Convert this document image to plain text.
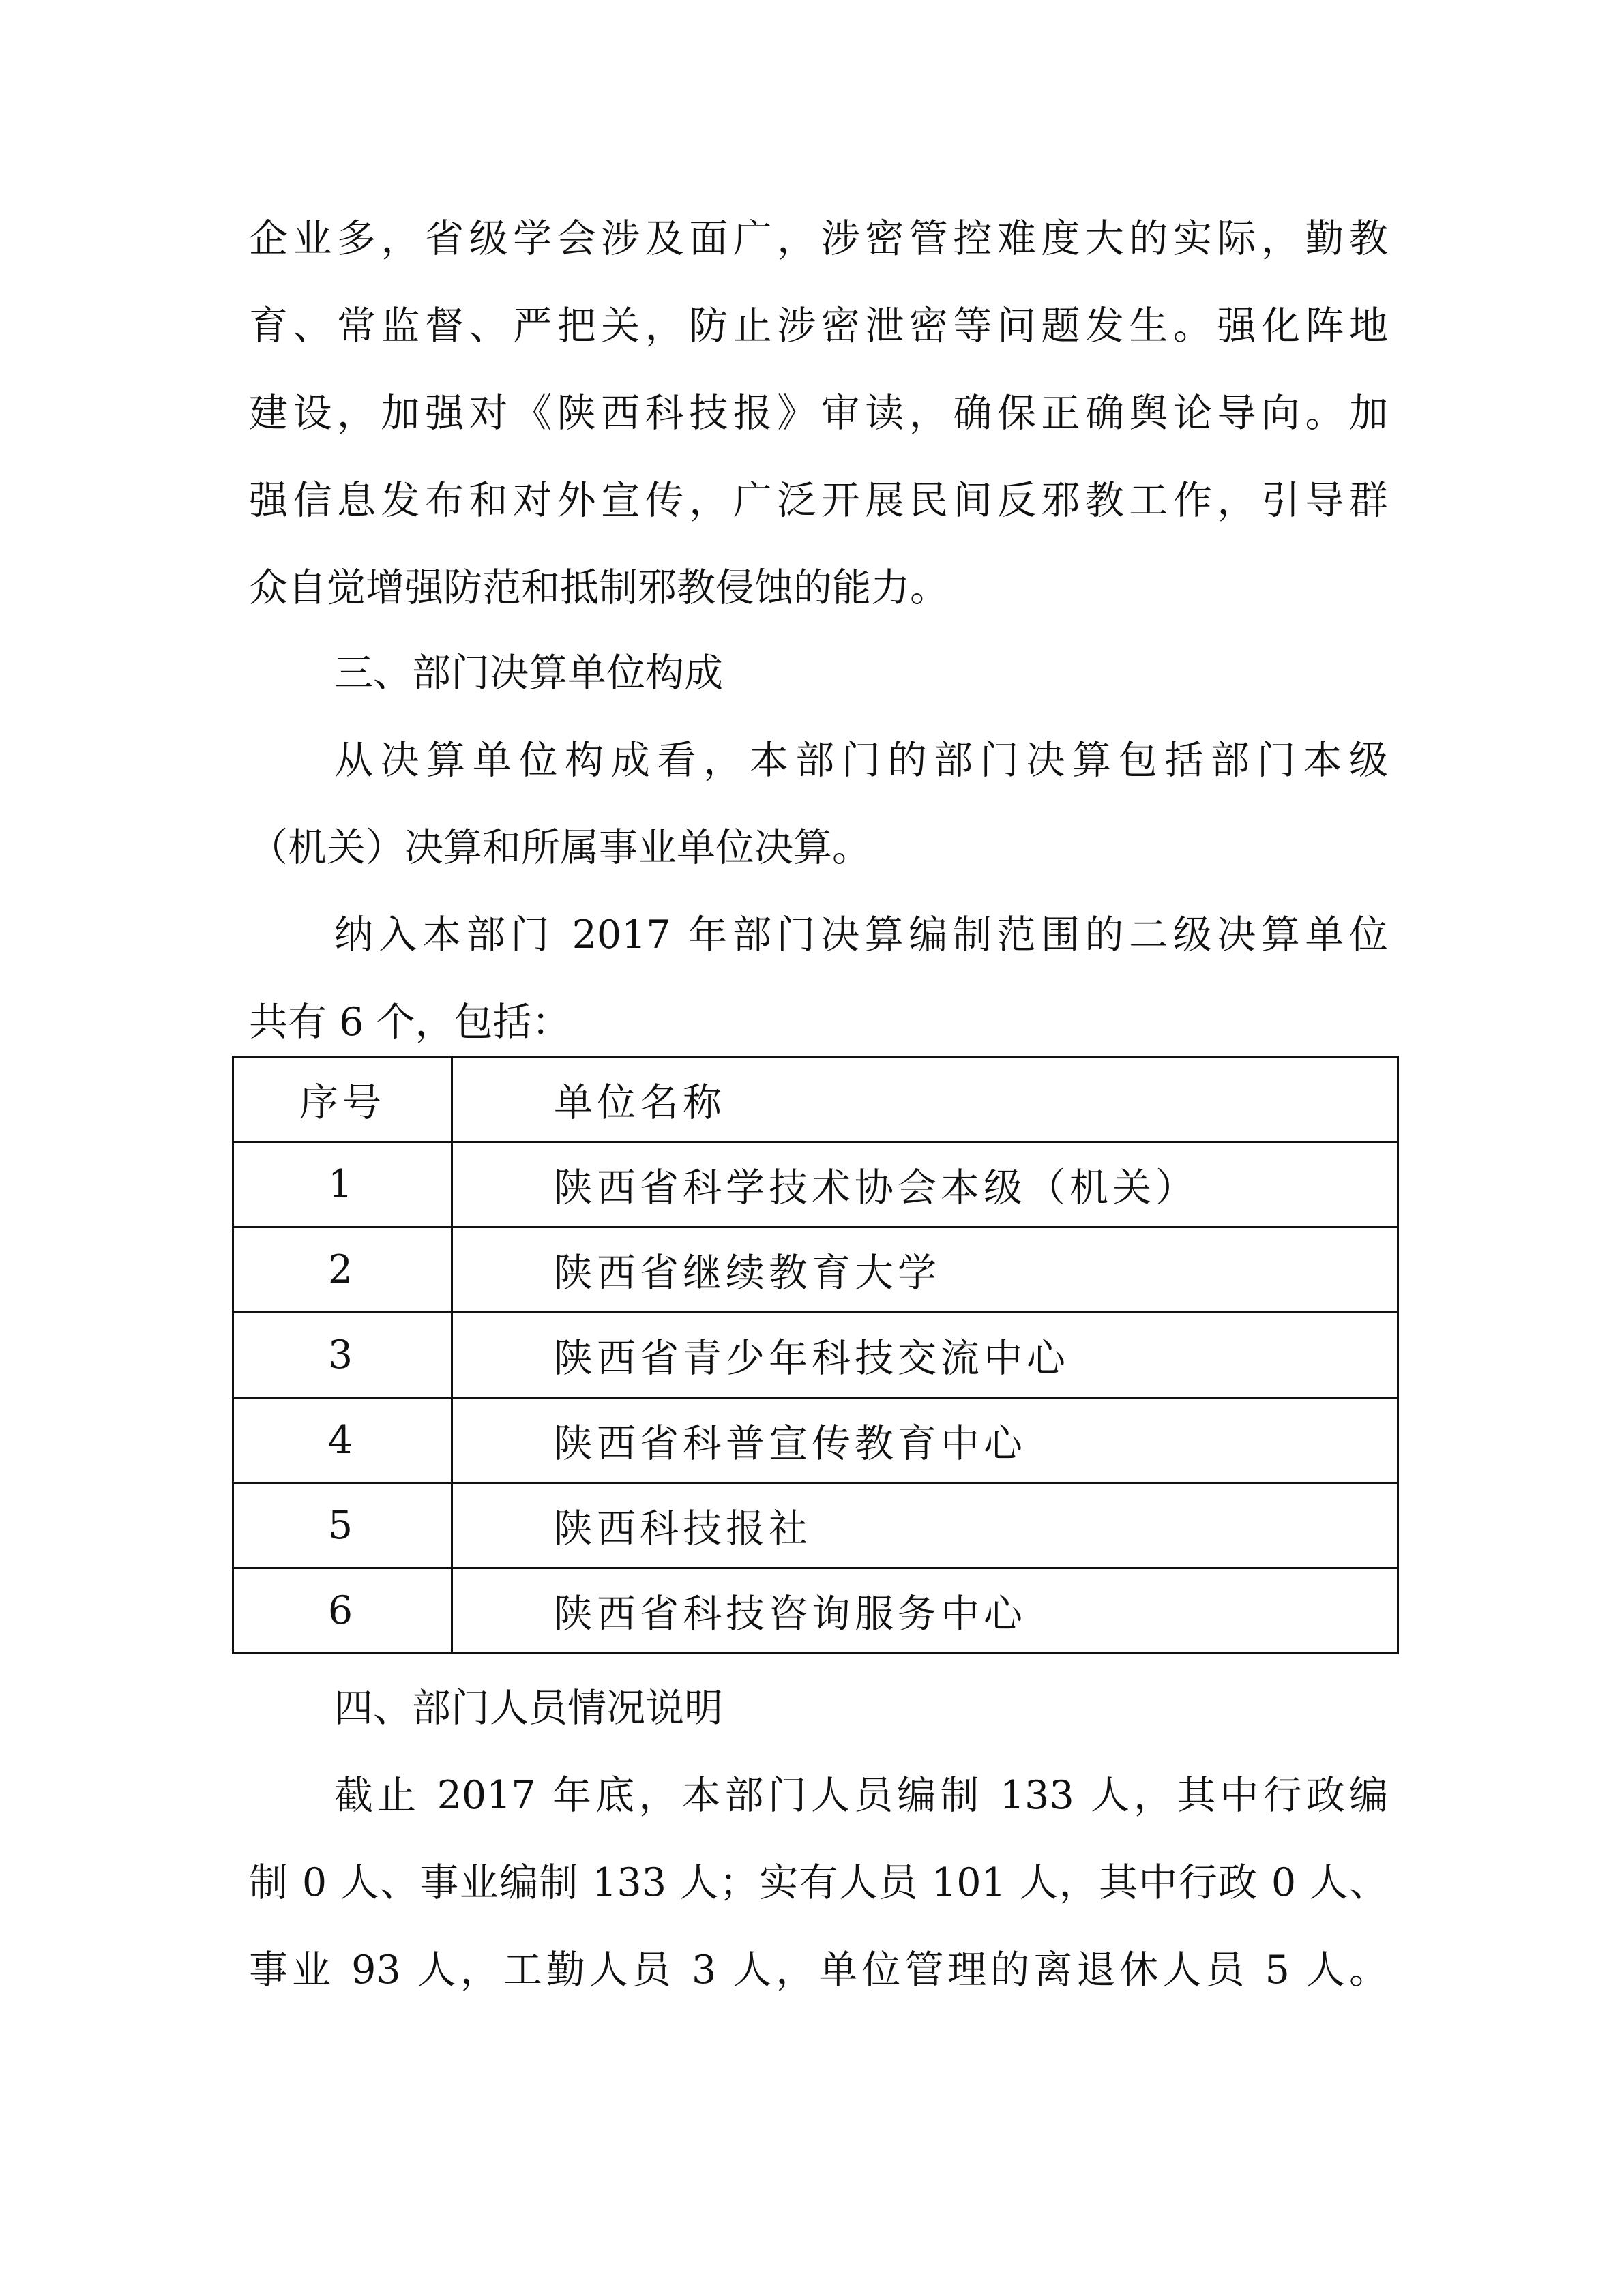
企业多，省级学会涉及面广，涉密管控难度大的实际，勤教
育、常监督、严把关，防止涉密泄密等问题发生。强化阵地
建设，加强对《陕西科技报》审读，确保正确舆论导向。加
强信息发布和对外宣传，广泛开展民间反邪教工作，引导群
众自觉增强防范和抵制邪教侵蚀的能力。
三、部门决算单位构成
从决算单位构成看，本部门的部门决算包括部门本级
（机关）决算和所属事业单位决算。
纳入本部门 2017 年部门决算编制范围的二级决算单位
共有 6 个，包括：
序号	单位名称
1	陕西省科学技术协会本级（机关）
2	陕西省继续教育大学
3	陕西省青少年科技交流中心
4	陕西省科普宣传教育中心
5	陕西科技报社
6	陕西省科技咨询服务中心
四、部门人员情况说明
截止 2017 年底，本部门人员编制 133 人，其中行政编
制 0 人、事业编制 133 人；实有人员 101 人，其中行政 0 人、
事业 93 人，工勤人员 3 人，单位管理的离退休人员 5 人。
